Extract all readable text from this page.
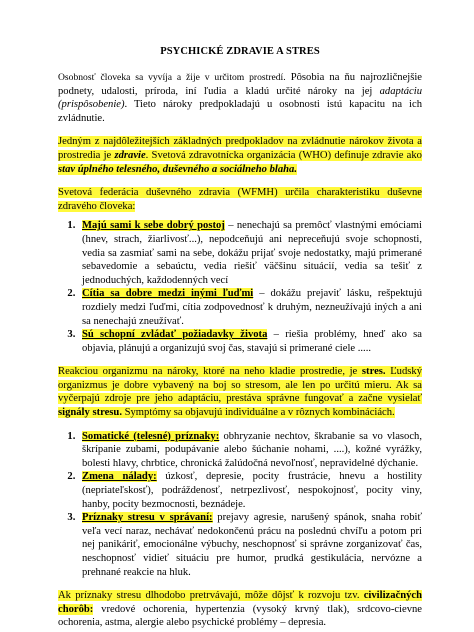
PSYCHICKÉ ZDRAVIE A STRES

Osobnosť človeka sa vyvíja a žije v určitom prostredí. Pôsobia na ňu najrozličnejšie podnety, udalosti, príroda, iní ľudia a kladú určité nároky na jej adaptáciu (prispôsobenie). Tieto nároky predpokladajú u osobnosti istú kapacitu na ich zvládnutie.

Jedným z najdôležitejších základných predpokladov na zvládnutie nárokov života a prostredia je zdravie. Svetová zdravotnícka organizácia (WHO) definuje zdravie ako stav úplného telesného, duševného a sociálneho blaha.

Svetová federácia duševného zdravia (WFMH) určila charakteristiku duševne zdravého človeka:

1. Majú sami k sebe dobrý postoj – nenechajú sa premôcť vlastnými emóciami (hnev, strach, žiarlivosť...), nepodceňujú ani nepreceňujú svoje schopnosti, vedia sa zasmiať sami na sebe, dokážu prijať svoje nedostatky, majú primerané sebavedomie a sebaúctu, vedia riešiť väčšinu situácií, vedia sa tešiť z jednoduchých, každodenných vecí
2. Cítia sa dobre medzi inými ľuďmi – dokážu prejaviť lásku, rešpektujú rozdiely medzi ľuďmi, cítia zodpovednosť k druhým, nezneužívajú iných a ani sa nenechajú zneužívať.
3. Sú schopní zvládať požiadavky života – riešia problémy, hneď ako sa objavia, plánujú a organizujú svoj čas, stavajú si primerané ciele .....

Reakciou organizmu na nároky, ktoré na neho kladie prostredie, je stres. Ľudský organizmus je dobre vybavený na boj so stresom, ale len po určitú mieru. Ak sa vyčerpajú zdroje pre jeho adaptáciu, prestáva správne fungovať a začne vysielať signály stresu. Symptómy sa objavujú individuálne a v rôznych kombináciách.

1. Somatické (telesné) príznaky: obhryzanie nechtov, škrabanie sa vo vlasoch, škrípanie zubami, podupávanie alebo šúchanie nohami, ....), kožné vyrážky, bolesti hlavy, chrbtice, chronická žalúdočná nevoľnosť, nepravidelné dýchanie.
2. Zmena nálady: úzkosť, depresie, pocity frustrácie, hnevu a hostility (nepriateľskosť), podráždenosť, netrpezlivosť, nespokojnosť, pocity viny, hanby, pocity bezmocnosti, beznádeje.
3. Príznaky stresu v správaní: prejavy agresie, narušený spánok, snaha robiť veľa vecí naraz, nechávať nedokončenú prácu na poslednú chvíľu a potom pri nej panikáriť, emocionálne výbuchy, neschopnosť si správne zorganizovať čas, neschopnosť vidieť situáciu pre humor, prudká gestikulácia, nervózne a prehnané reakcie na hluk.

Ak príznaky stresu dlhodobo pretrvávajú, môže dôjsť k rozvoju tzv. civilizačných chorôb: vredové ochorenia, hypertenzia (vysoký krvný tlak), srdcovo-cievne ochorenia, astma, alergie alebo psychické problémy – depresia.
